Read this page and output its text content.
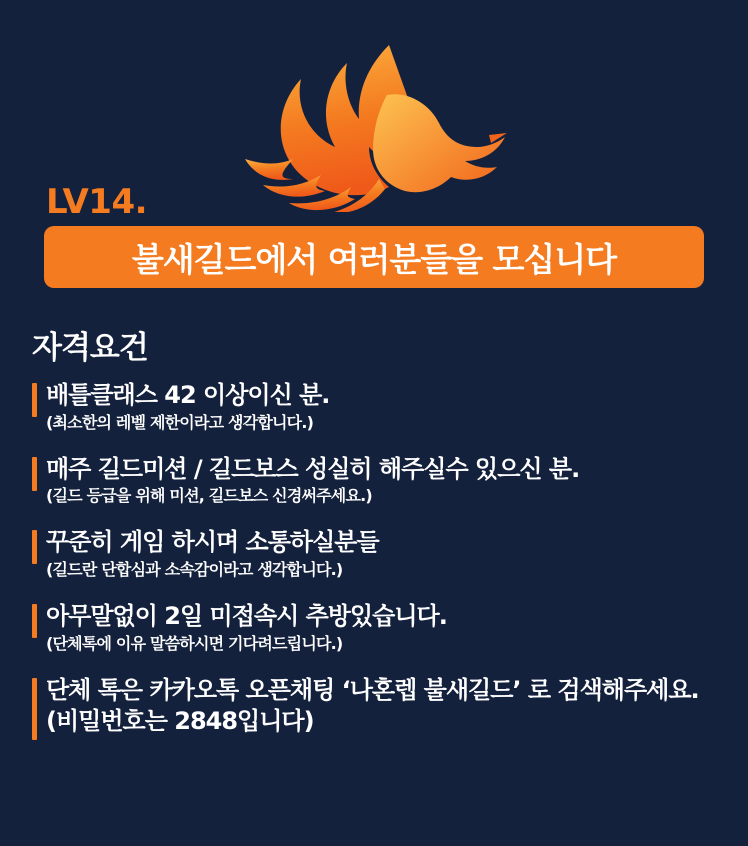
LV14.
불새길드에서 여러분들을 모십니다
자격요건
배틀클래스 42 이상이신 분.
(최소한의 레벨 제한이라고 생각합니다.)
매주 길드미션 / 길드보스 성실히 해주실수 있으신 분.
(길드 등급을 위해 미션, 길드보스 신경써주세요.)
꾸준히 게임 하시며 소통하실분들
(길드란 단합심과 소속감이라고 생각합니다.)
아무말없이 2일 미접속시 추방있습니다.
(단체톡에 이유 말씀하시면 기다려드립니다.)
단체 톡은 카카오톡 오픈채팅 ‘나혼렙 불새길드’ 로 검색해주세요. (비밀번호는 2848입니다)
